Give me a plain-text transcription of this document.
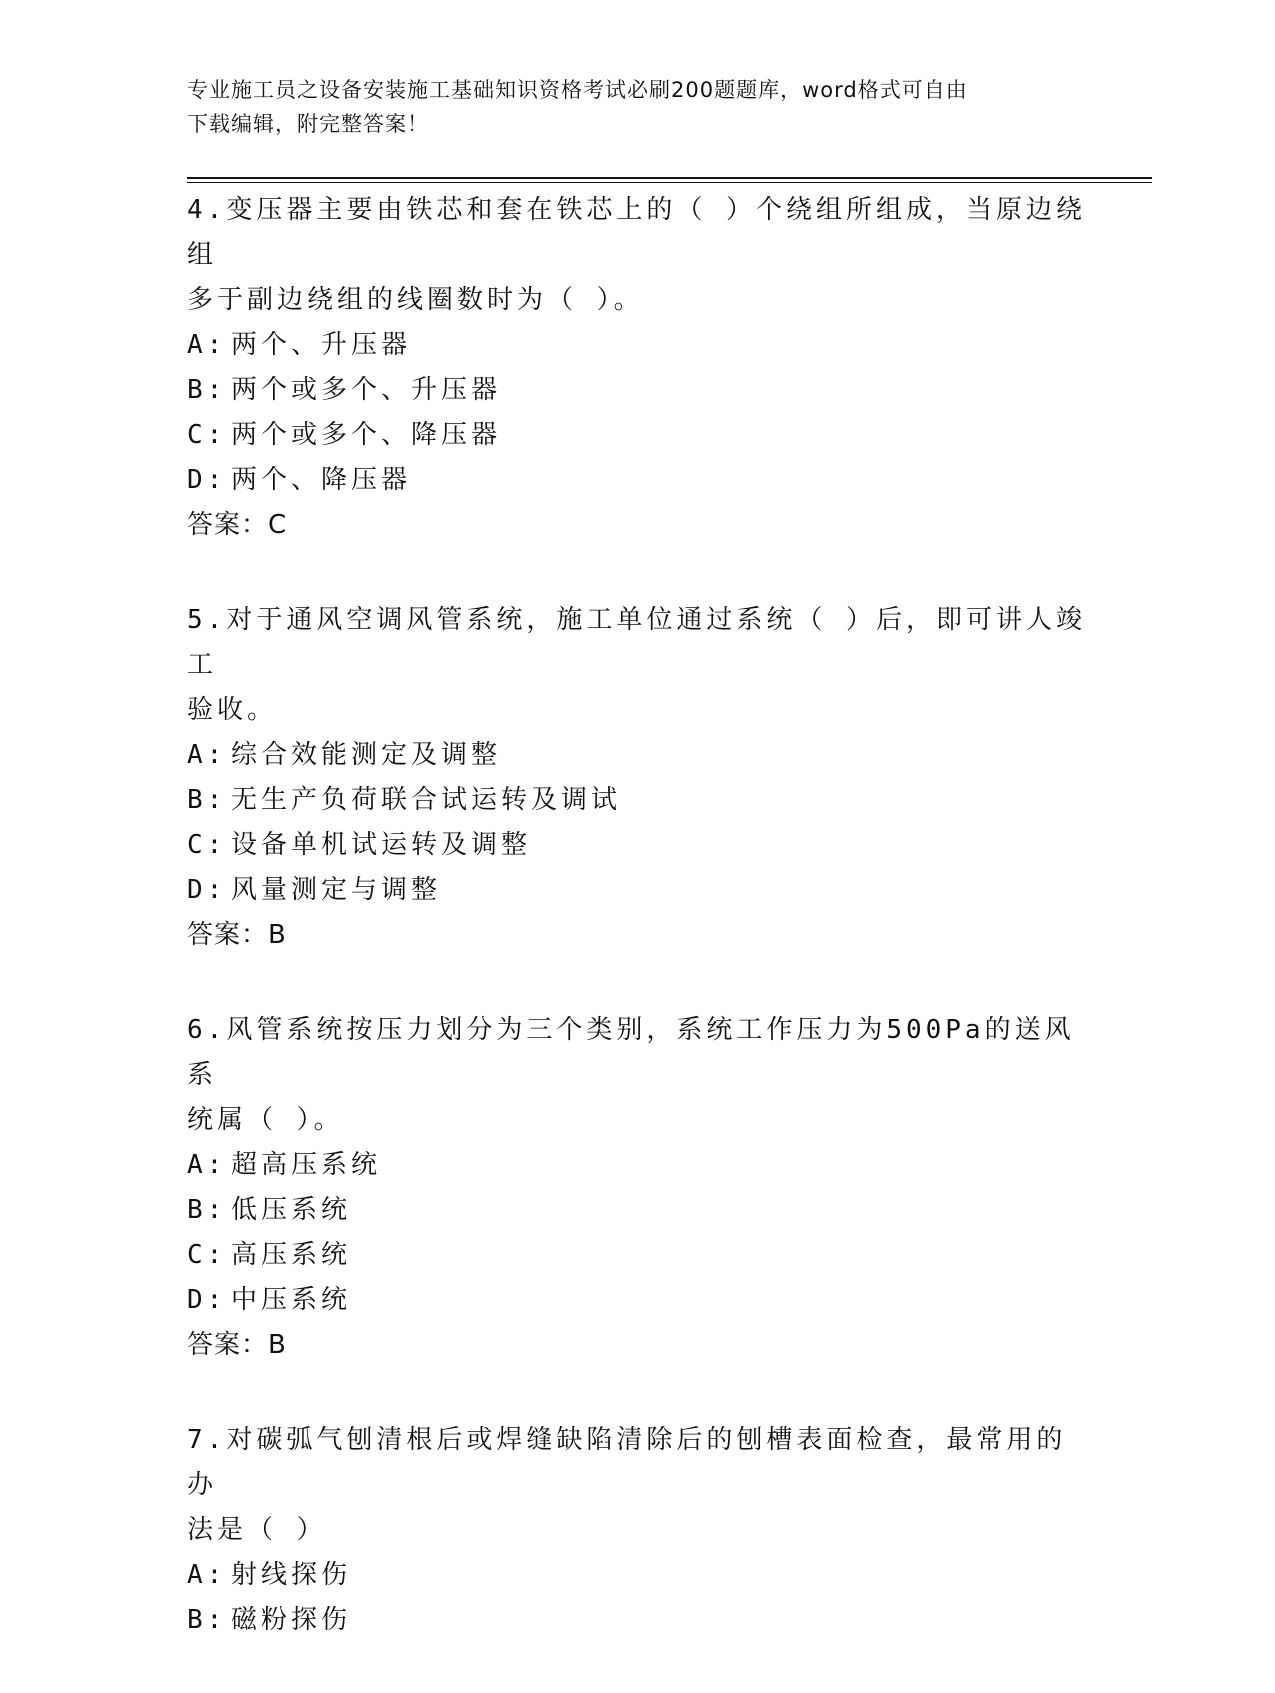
专业施工员之设备安装施工基础知识资格考试必刷200题题库，word格式可自由
下载编辑，附完整答案！

4.变压器主要由铁芯和套在铁芯上的（ ）个绕组所组成，当原边绕组

多于副边绕组的线圈数时为（ ）。

A: 两个、升压器

B: 两个或多个、升压器

C: 两个或多个、降压器

D: 两个、降压器

答案：C

5.对于通风空调风管系统，施工单位通过系统（ ）后，即可讲人竣工

验收。

A: 综合效能测定及调整

B: 无生产负荷联合试运转及调试

C: 设备单机试运转及调整

D: 风量测定与调整

答案：B

6.风管系统按压力划分为三个类别，系统工作压力为500Pa的送风系

统属（ ）。

A: 超高压系统

B: 低压系统

C: 高压系统

D: 中压系统

答案：B

7.对碳弧气刨清根后或焊缝缺陷清除后的刨槽表面检查，最常用的办

法是（ ）

A: 射线探伤

B: 磁粉探伤
